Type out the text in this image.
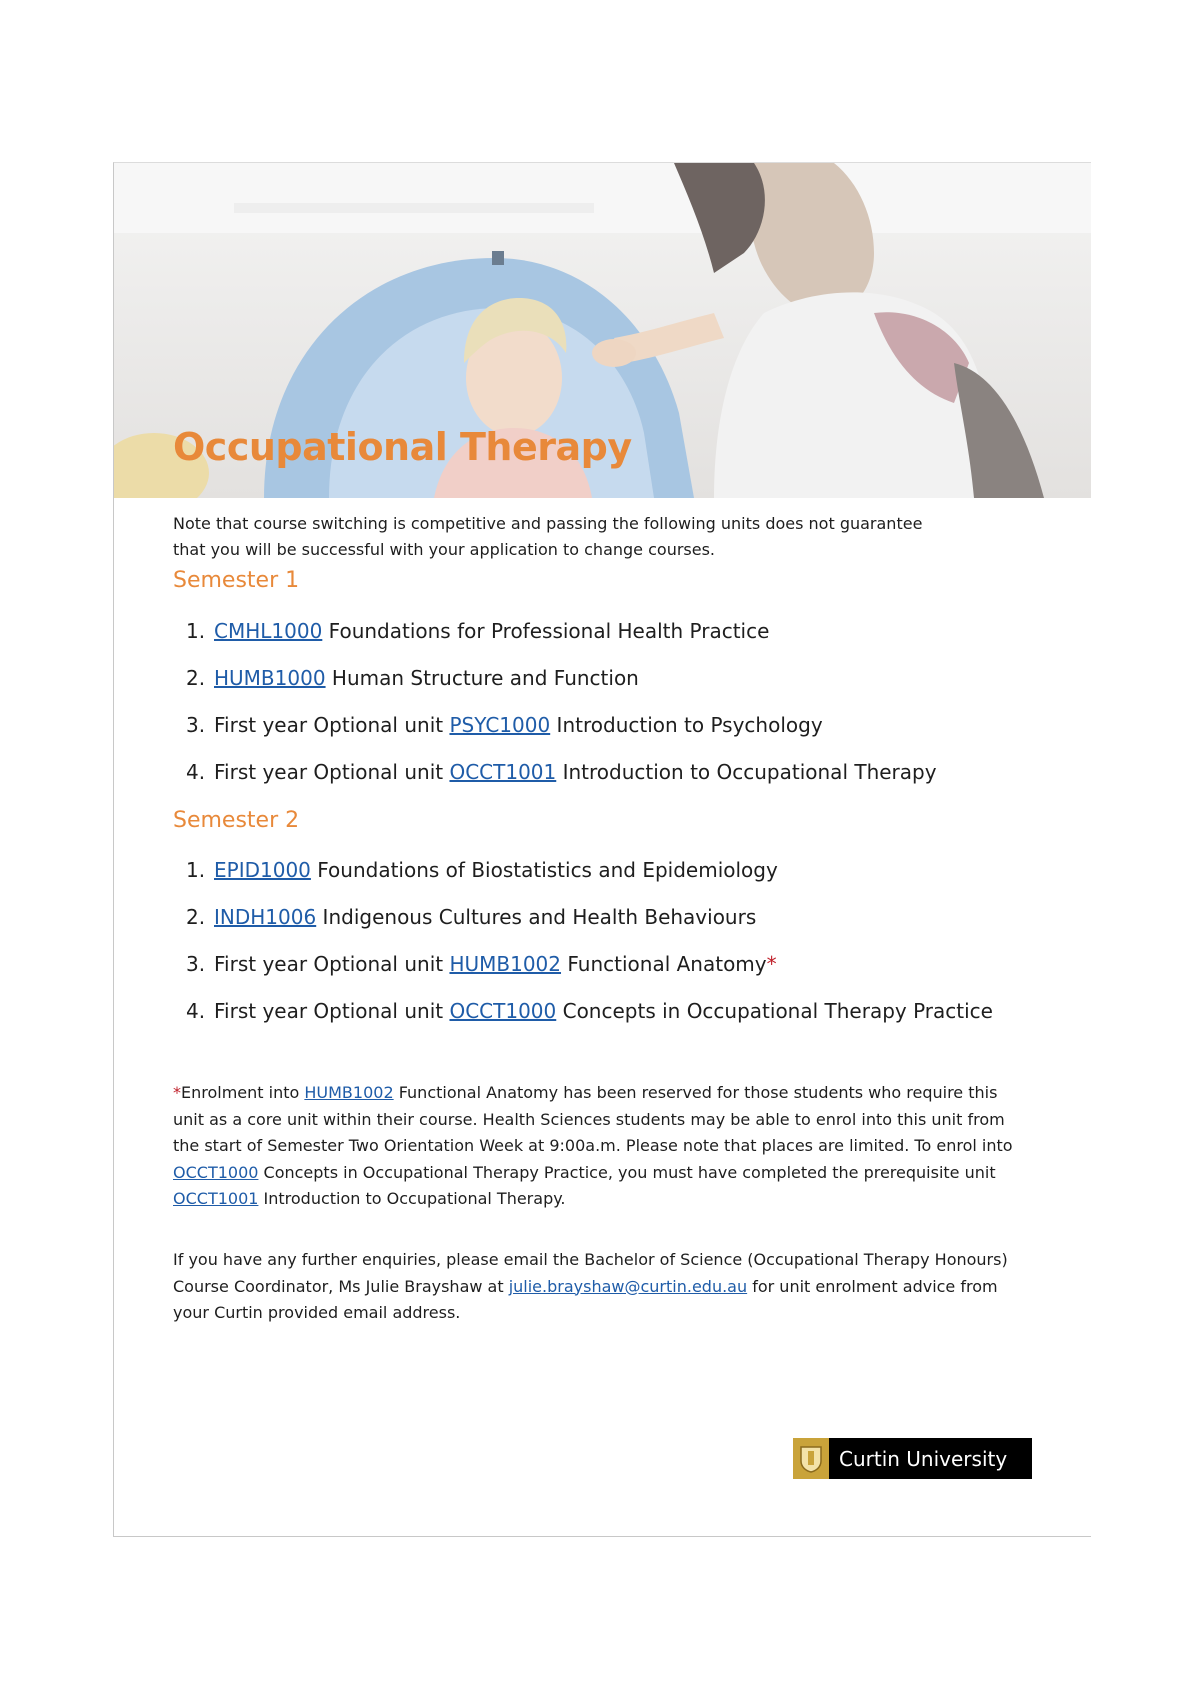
Occupational Therapy

Note that course switching is competitive and passing the following units does not guarantee that you will be successful with your application to change courses.

Semester 1
1. CMHL1000 Foundations for Professional Health Practice
2. HUMB1000 Human Structure and Function
3. First year Optional unit PSYC1000 Introduction to Psychology
4. First year Optional unit OCCT1001 Introduction to Occupational Therapy
Semester 2
1. EPID1000 Foundations of Biostatistics and Epidemiology
2. INDH1006 Indigenous Cultures and Health Behaviours
3. First year Optional unit HUMB1002 Functional Anatomy*
4. First year Optional unit OCCT1000 Concepts in Occupational Therapy Practice

*Enrolment into HUMB1002 Functional Anatomy has been reserved for those students who require this unit as a core unit within their course. Health Sciences students may be able to enrol into this unit from the start of Semester Two Orientation Week at 9:00a.m. Please note that places are limited. To enrol into OCCT1000 Concepts in Occupational Therapy Practice, you must have completed the prerequisite unit OCCT1001 Introduction to Occupational Therapy.

If you have any further enquiries, please email the Bachelor of Science (Occupational Therapy Honours) Course Coordinator, Ms Julie Brayshaw at julie.brayshaw@curtin.edu.au for unit enrolment advice from your Curtin provided email address.

Curtin University
